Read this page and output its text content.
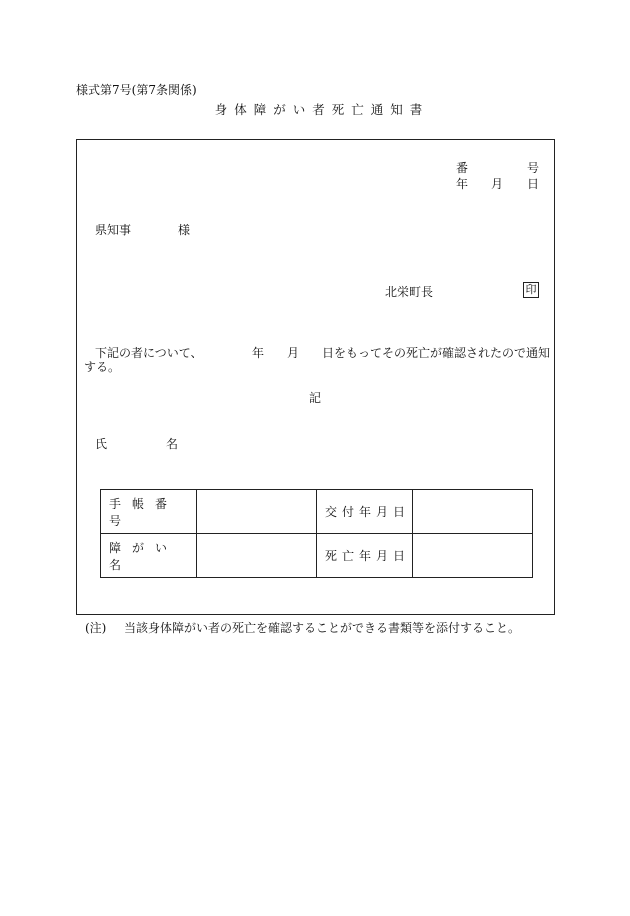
様式第7号(第7条関係)
身体障がい者死亡通知書
番	号
年 月 日
県知事	様
北栄町長	印
下記の者について、	年 月 日をもってその死亡が確認されたので通知
する。
記
氏	名
手帳番号		交付年月日	
障がい名		死亡年月日	
(注) 当該身体障がい者の死亡を確認することができる書類等を添付すること。
